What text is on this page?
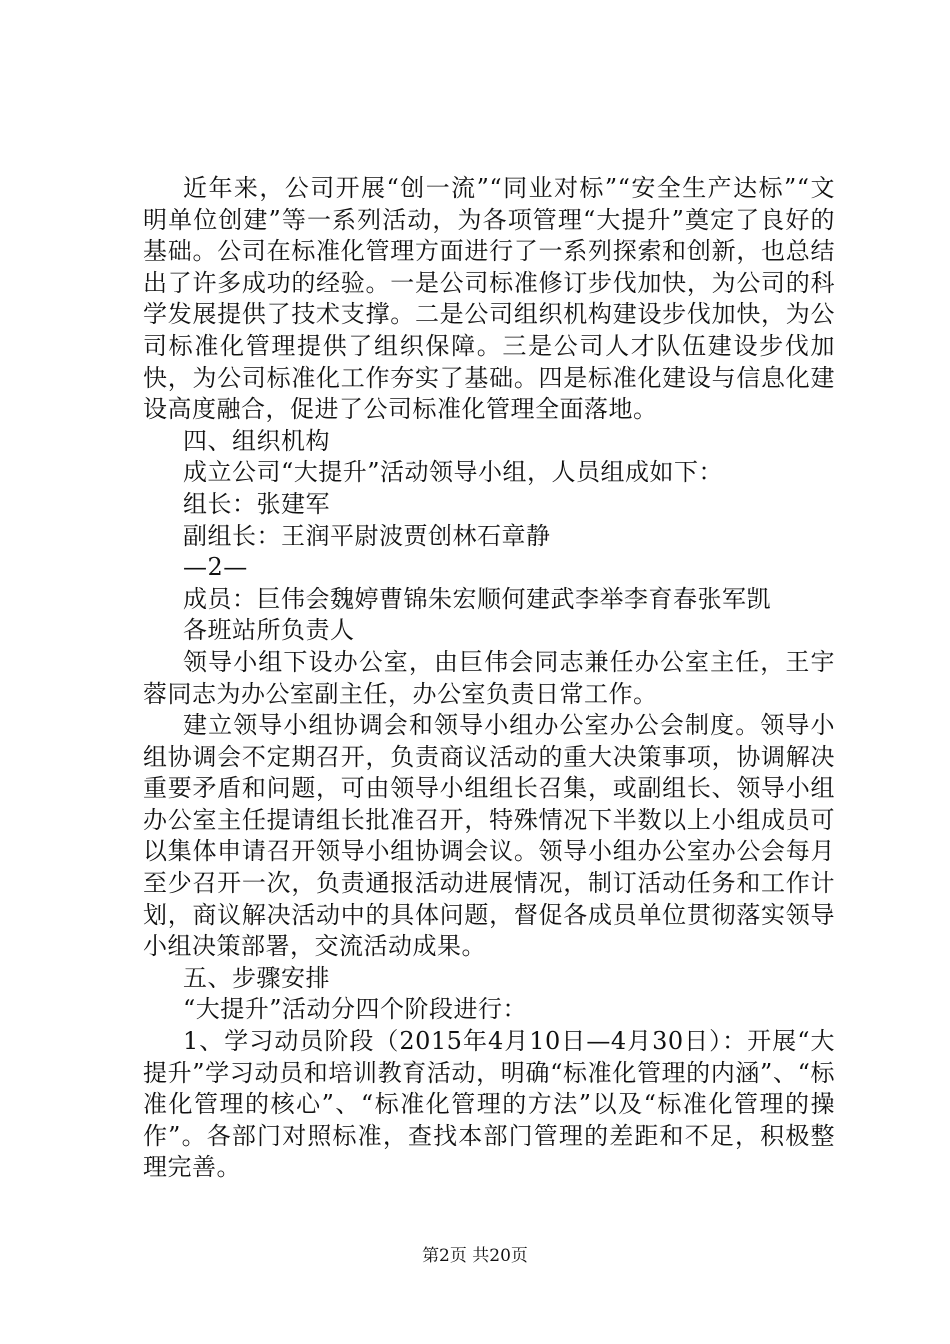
近年来，公司开展“创一流”“同业对标”“安全生产达标”“文明单位创建”等一系列活动，为各项管理“大提升”奠定了良好的基础。公司在标准化管理方面进行了一系列探索和创新，也总结出了许多成功的经验。一是公司标准修订步伐加快，为公司的科学发展提供了技术支撑。二是公司组织机构建设步伐加快，为公司标准化管理提供了组织保障。三是公司人才队伍建设步伐加快，为公司标准化工作夯实了基础。四是标准化建设与信息化建设高度融合，促进了公司标准化管理全面落地。

四、组织机构

成立公司“大提升”活动领导小组，人员组成如下：

组长：张建军

副组长：王润平尉波贾创林石章静

—2—

成员：巨伟会魏婷曹锦朱宏顺何建武李举李育春张军凯

各班站所负责人

领导小组下设办公室，由巨伟会同志兼任办公室主任，王宇蓉同志为办公室副主任，办公室负责日常工作。

建立领导小组协调会和领导小组办公室办公会制度。领导小组协调会不定期召开，负责商议活动的重大决策事项，协调解决重要矛盾和问题，可由领导小组组长召集，或副组长、领导小组办公室主任提请组长批准召开，特殊情况下半数以上小组成员可以集体申请召开领导小组协调会议。领导小组办公室办公会每月至少召开一次，负责通报活动进展情况，制订活动任务和工作计划，商议解决活动中的具体问题，督促各成员单位贯彻落实领导小组决策部署，交流活动成果。

五、步骤安排

“大提升”活动分四个阶段进行：

1、学习动员阶段（2015年4月10日—4月30日）：开展“大提升”学习动员和培训教育活动，明确“标准化管理的内涵”、“标准化管理的核心”、“标准化管理的方法”以及“标准化管理的操作”。各部门对照标准，查找本部门管理的差距和不足，积极整理完善。

第2页 共20页
